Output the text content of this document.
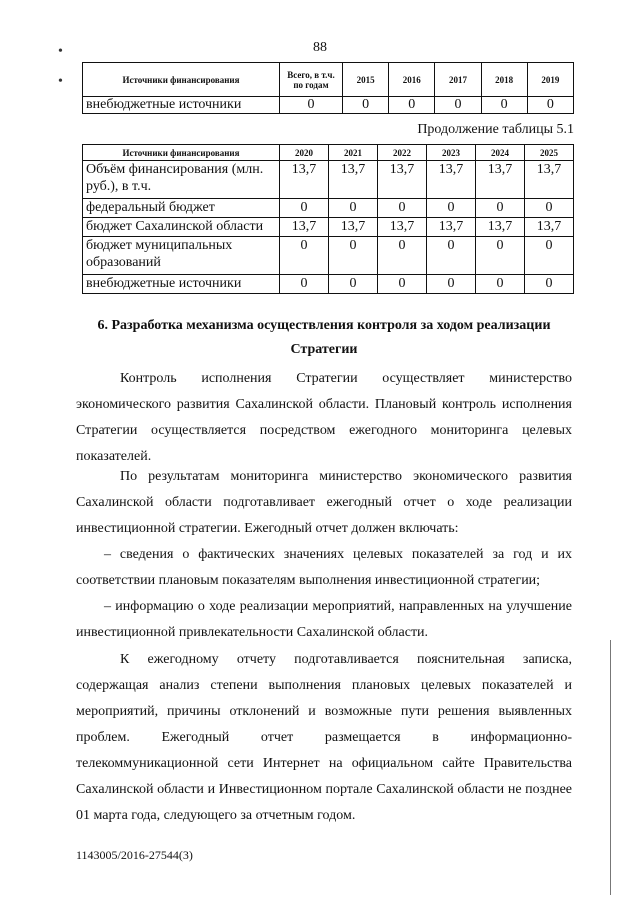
88
•
•	Источники финансирования	Всего, в т.ч. по годам	2015	2016	2017	2018	2019
внебюджетные источники	0	0	0	0	0	0
Продолжение таблицы 5.1
Источники финансирования	2020	2021	2022	2023	2024	2025
Объём финансирования (млн. руб.), в т.ч.	13,7	13,7	13,7	13,7	13,7	13,7
федеральный бюджет	0	0	0	0	0	0
бюджет Сахалинской области	13,7	13,7	13,7	13,7	13,7	13,7
бюджет муниципальных образований	0	0	0	0	0	0
внебюджетные источники	0	0	0	0	0	0
6. Разработка механизма осуществления контроля за ходом реализации
Стратегии
Контроль исполнения Стратегии осуществляет министерство экономического развития Сахалинской области. Плановый контроль исполнения Стратегии осуществляется посредством ежегодного мониторинга целевых показателей.
По результатам мониторинга министерство экономического развития Сахалинской области подготавливает ежегодный отчет о ходе реализации инвестиционной стратегии. Ежегодный отчет должен включать:
– сведения о фактических значениях целевых показателей за год и их соответствии плановым показателям выполнения инвестиционной стратегии;
– информацию о ходе реализации мероприятий, направленных на улучшение инвестиционной привлекательности Сахалинской области.
К ежегодному отчету подготавливается пояснительная записка, содержащая анализ степени выполнения плановых целевых показателей и мероприятий, причины отклонений и возможные пути решения выявленных проблем. Ежегодный отчет размещается в информационно-телекоммуникационной сети Интернет на официальном сайте Правительства Сахалинской области и Инвестиционном портале Сахалинской области не позднее 01 марта года, следующего за отчетным годом.
1143005/2016-27544(3)
